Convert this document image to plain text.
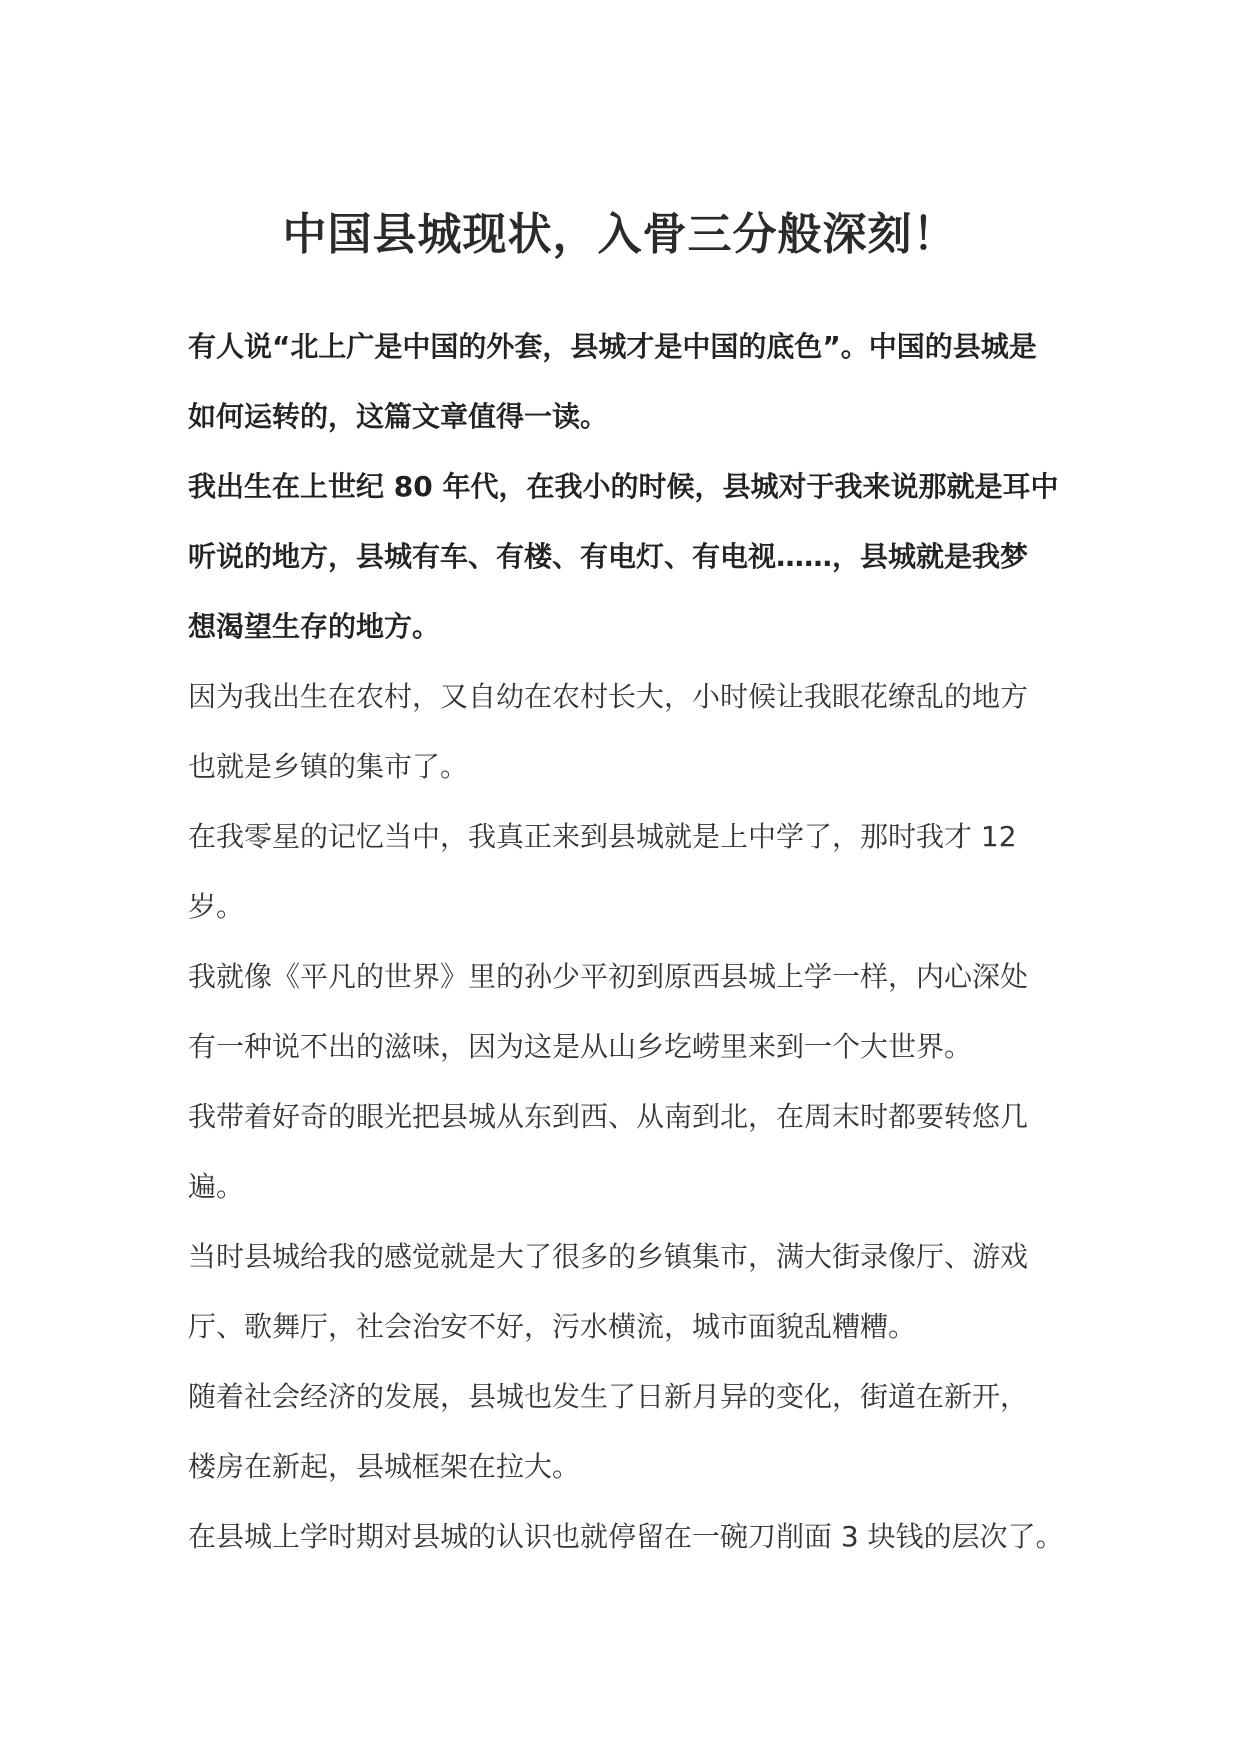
中国县城现状，入骨三分般深刻！

有人说“北上广是中国的外套，县城才是中国的底色”。中国的县城是
如何运转的，这篇文章值得一读。

我出生在上世纪 80 年代，在我小的时候，县城对于我来说那就是耳中
听说的地方，县城有车、有楼、有电灯、有电视……，县城就是我梦
想渴望生存的地方。

因为我出生在农村，又自幼在农村长大，小时候让我眼花缭乱的地方
也就是乡镇的集市了。

在我零星的记忆当中，我真正来到县城就是上中学了，那时我才 12 岁。

我就像《平凡的世界》里的孙少平初到原西县城上学一样，内心深处
有一种说不出的滋味，因为这是从山乡圪崂里来到一个大世界。

我带着好奇的眼光把县城从东到西、从南到北，在周末时都要转悠几
遍。

当时县城给我的感觉就是大了很多的乡镇集市，满大街录像厅、游戏
厅、歌舞厅，社会治安不好，污水横流，城市面貌乱糟糟。

随着社会经济的发展，县城也发生了日新月异的变化，街道在新开，
楼房在新起，县城框架在拉大。

在县城上学时期对县城的认识也就停留在一碗刀削面 3 块钱的层次了。
